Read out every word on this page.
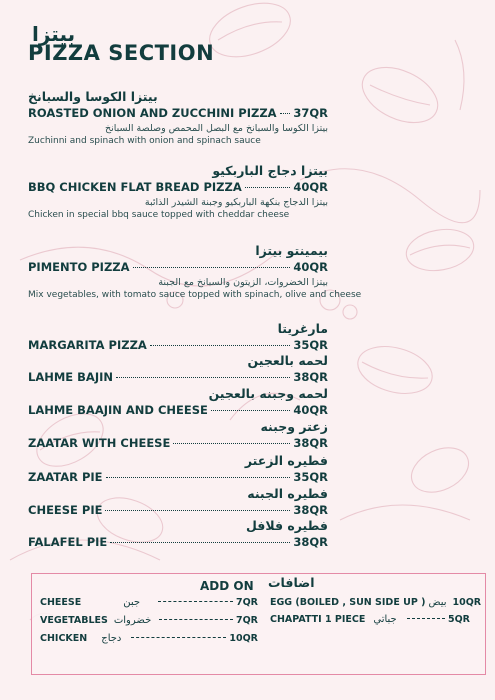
بيتزا
PIZZA SECTION
بيتزا الكوسا والسبانخ
ROASTED ONION AND ZUCCHINI PIZZA 37QR
بيتزا الكوسا والسبانخ مع البصل المحمص وصلصة السبانخ
Zuchinni and spinach with onion and spinach sauce
بيتزا دجاج الباربكيو
BBQ CHICKEN FLAT BREAD PIZZA	40QR
بيتزا الدجاج بنكهة الباربكيو وجبنة الشيدر الذائبة
Chicken in special bbq sauce topped with cheddar cheese
بيمينتو بيتزا
PIMENTO PIZZA	40QR
بيتزا الخضروات، الزيتون والسبانخ مع الجبنة
Mix vegetables, with tomato sauce topped with spinach, olive and cheese
مارغريتا
MARGARITA PIZZA	35QR
لحمه بالعجين
LAHME BAJIN	38QR
لحمه وجبنه بالعجين
LAHME BAAJIN AND CHEESE	40QR
زعتر وجبنه
ZAATAR WITH CHEESE	38QR
فطيره الزعتر
ZAATAR PIE	35QR
فطيره الجبنه
CHEESE PIE	38QR
فطيره فلافل
FALAFEL PIE	38QR
ADD ON اضافات
CHEESE	جبن	7QR
VEGETABLES خضروات	7QR
CHICKEN دجاج	10QR
EGG (BOILED , SUN SIDE UP ) بيض 10QR
CHAPATTI 1 PIECE جباتي	5QR
